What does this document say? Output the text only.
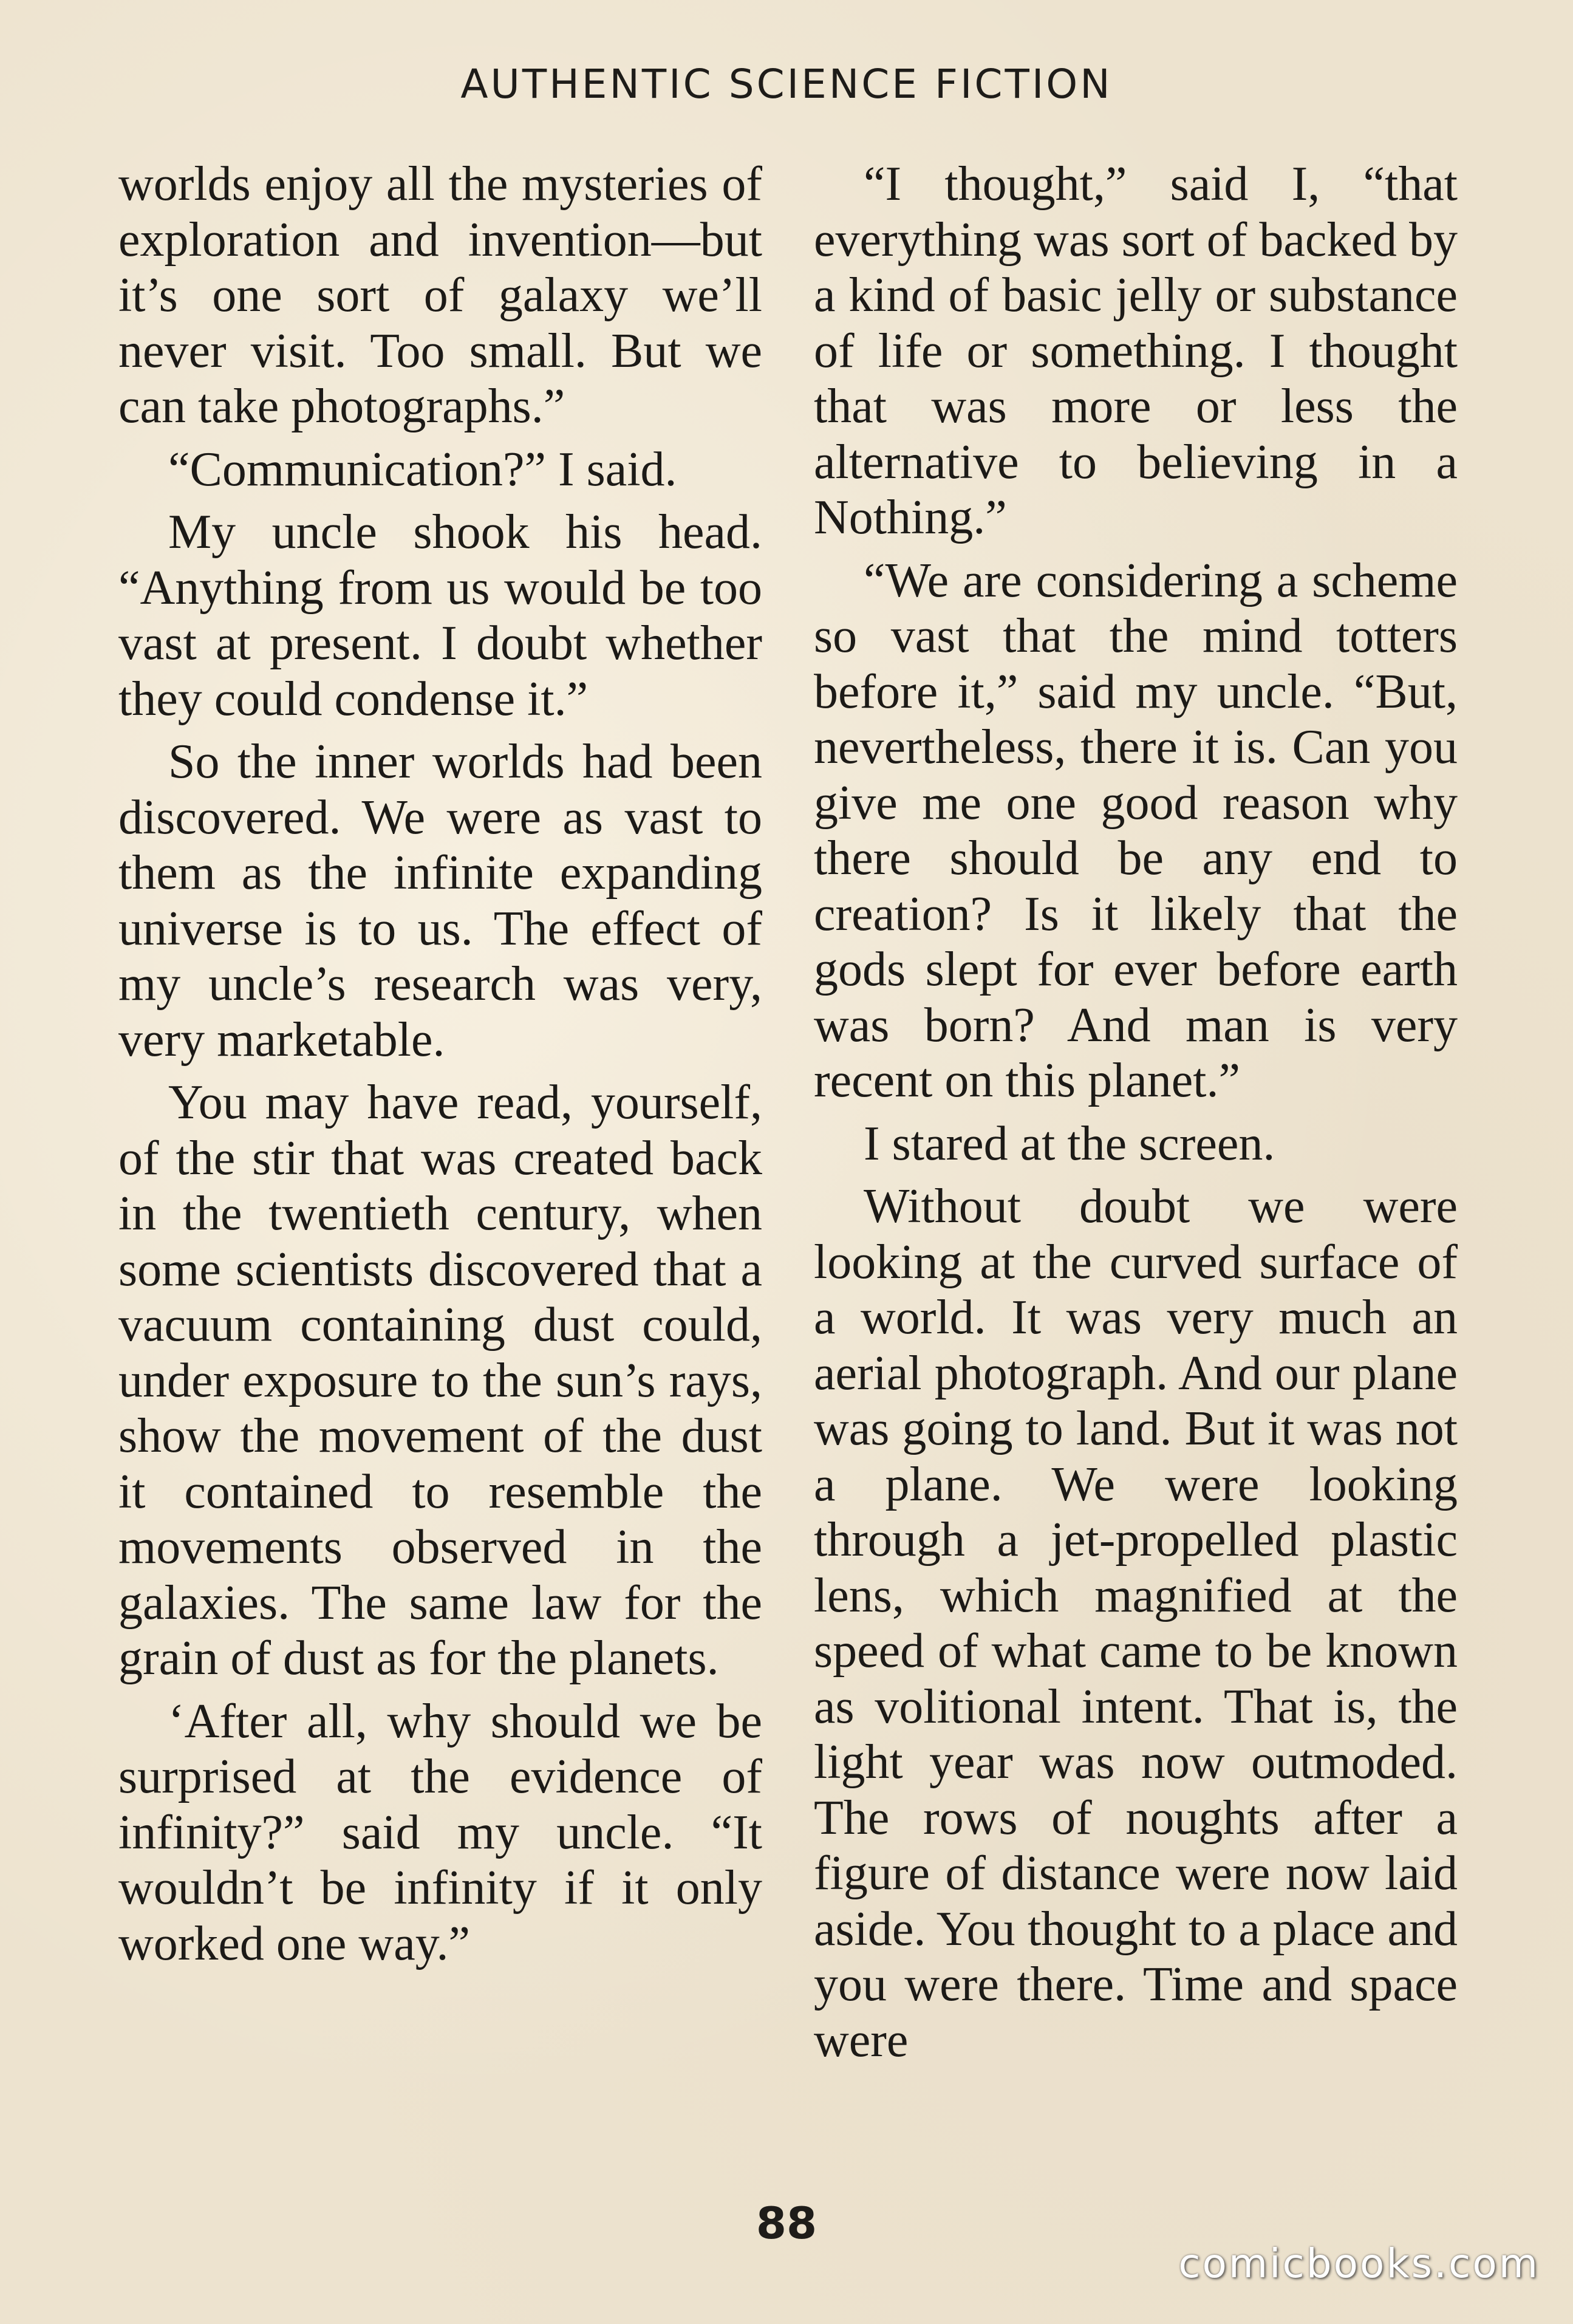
AUTHENTIC SCIENCE FICTION

worlds enjoy all the mysteries of exploration and invention—but it’s one sort of galaxy we’ll never visit. Too small. But we can take photographs.”

“Communication?” I said.

My uncle shook his head. “Anything from us would be too vast at present. I doubt whether they could condense it.”

So the inner worlds had been discovered. We were as vast to them as the infinite expanding universe is to us. The effect of my uncle’s research was very, very marketable.

You may have read, yourself, of the stir that was created back in the twentieth century, when some scientists discovered that a vacuum containing dust could, under exposure to the sun’s rays, show the movement of the dust it contained to resemble the movements observed in the galaxies. The same law for the grain of dust as for the planets.

‘After all, why should we be surprised at the evidence of infinity?” said my uncle. “It wouldn’t be infinity if it only worked one way.”

“I thought,” said I, “that everything was sort of backed by a kind of basic jelly or substance of life or something. I thought that was more or less the alternative to believing in a Nothing.”

“We are considering a scheme so vast that the mind totters before it,” said my uncle. “But, nevertheless, there it is. Can you give me one good reason why there should be any end to creation? Is it likely that the gods slept for ever before earth was born? And man is very recent on this planet.”

I stared at the screen.

Without doubt we were looking at the curved surface of a world. It was very much an aerial photograph. And our plane was going to land. But it was not a plane. We were looking through a jet-propelled plastic lens, which magnified at the speed of what came to be known as volitional intent. That is, the light year was now outmoded. The rows of noughts after a figure of distance were now laid aside. You thought to a place and you were there. Time and space were

88
comicbooks.com
